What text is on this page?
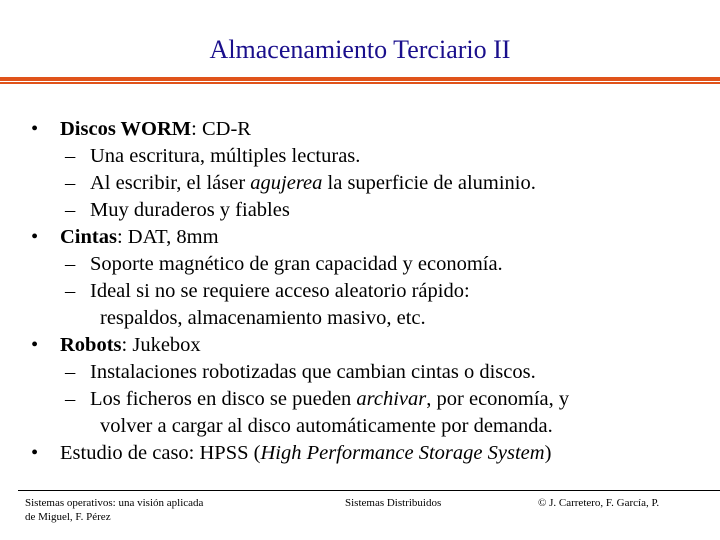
Almacenamiento Terciario II
• Discos WORM: CD-R
– Una escritura, múltiples lecturas.
– Al escribir, el láser agujerea la superficie de aluminio.
– Muy duraderos y fiables
• Cintas: DAT, 8mm
– Soporte magnético de gran capacidad y economía.
– Ideal si no se requiere acceso aleatorio rápido:
respaldos, almacenamiento masivo, etc.
• Robots: Jukebox
– Instalaciones robotizadas que cambian cintas o discos.
– Los ficheros en disco se pueden archivar, por economía, y
volver a cargar al disco automáticamente por demanda.
• Estudio de caso: HPSS (High Performance Storage System)
Sistemas operativos: una visión aplicada
de Miguel, F. Pérez
Sistemas Distribuidos	© J. Carretero, F. García, P.
